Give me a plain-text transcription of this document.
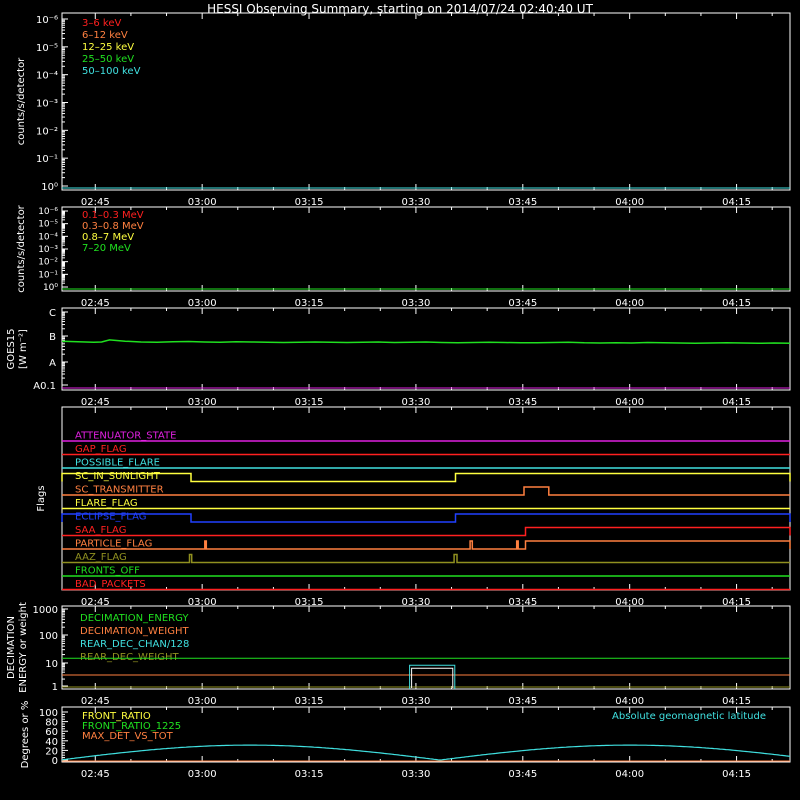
HESSI Observing Summary, starting on 2014/07/24 02:40:40 UT
02:45	03:00	03:15	03:30	03:45	04:00	04:15
counts/s/detector
10⁰
10⁻¹
10⁻²
10⁻³
10⁻⁴
10⁻⁵
10⁻⁶ 3–6 keV
6–12 keV
12–25 keV
25–50 keV
50–100 keV
02:45	03:00	03:15	03:30	03:45	04:00	04:15
counts/s/detector 10⁰
10⁻¹
10⁻²
10⁻³
10⁻⁴
10⁻⁵
10⁻⁶ 0.1–0.3 MeV
0.3–0.8 MeV
0.8–7 MeV
7–20 MeV
02:45	03:00	03:15	03:30	03:45	04:00	04:15
GOES15 [W m⁻²]
A0.1
A
B
C
02:45	03:00	03:15	03:30	03:45	04:00	04:15
Flags
ATTENUATOR_STATE
GAP_FLAG
POSSIBLE_FLARE
SC_IN_SUNLIGHT
SC_TRANSMITTER
FLARE_FLAG
ECLIPSE_FLAG
SAA_FLAG
PARTICLE_FLAG
AAZ_FLAG
FRONTS_OFF
BAD_PACKETS
02:45	03:00	03:15	03:30	03:45	04:00	04:15
DECIMATION ENERGY or weight 1
10
100
1000
DECIMATION_ENERGY
DECIMATION_WEIGHT
REAR_DEC_CHAN/128
REAR_DEC_WEIGHT
02:45	03:00	03:15	03:30	03:45	04:00	04:15
Degrees or % 0
20
40
60
80
100 FRONT_RATIO
FRONT_RATIO_1225
MAX_DET_VS_TOT
Absolute geomagnetic latitude
